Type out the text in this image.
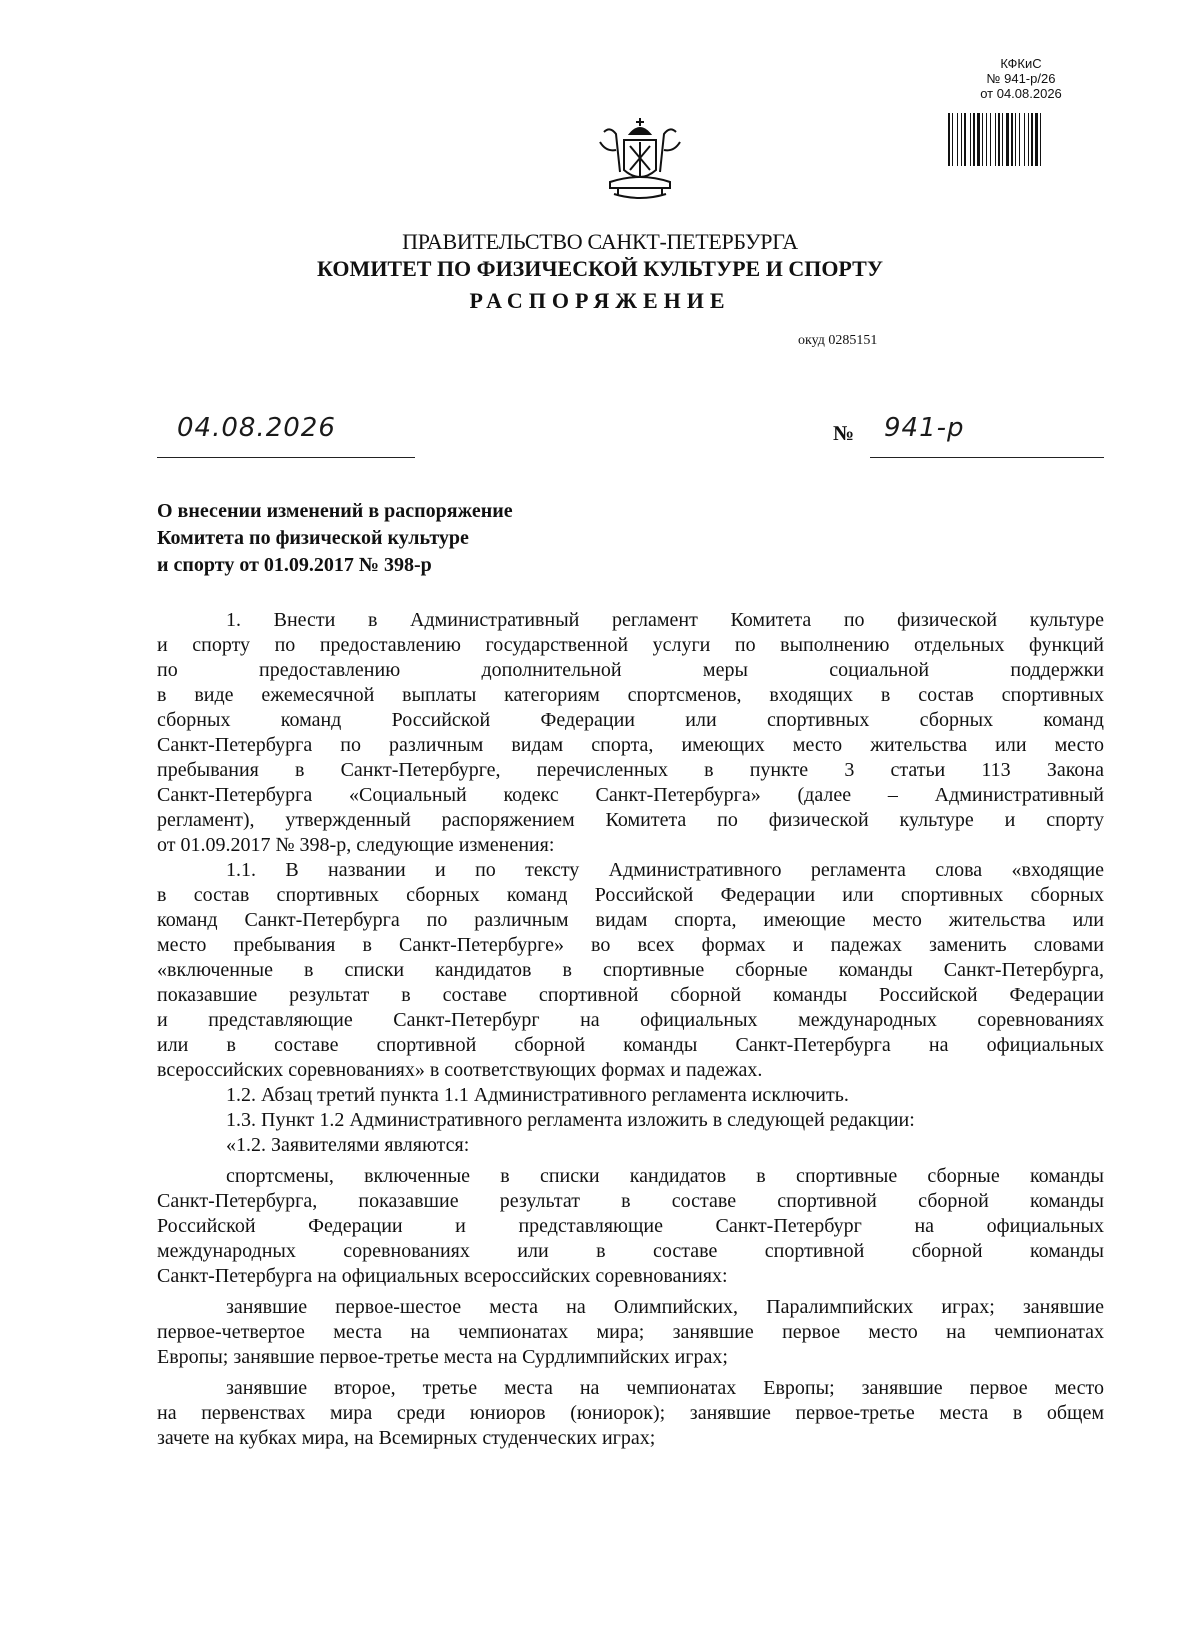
КФКиС
№ 941-р/26
от 04.08.2026
ПРАВИТЕЛЬСТВО САНКТ-ПЕТЕРБУРГА
КОМИТЕТ ПО ФИЗИЧЕСКОЙ КУЛЬТУРЕ И СПОРТУ
РАСПОРЯЖЕНИЕ
окуд 0285151
04.08.2026	№ 941-р
О внесении изменений в распоряжение
Комитета по физической культуре
и спорту от 01.09.2017 № 398-р
1. Внести в Административный регламент Комитета по физической культуре
и спорту по предоставлению государственной услуги по выполнению отдельных функций
по предоставлению дополнительной меры социальной поддержки
в виде ежемесячной выплаты категориям спортсменов, входящих в состав спортивных
сборных команд Российской Федерации или спортивных сборных команд
Санкт-Петербурга по различным видам спорта, имеющих место жительства или место
пребывания в Санкт-Петербурге, перечисленных в пункте 3 статьи 113 Закона
Санкт-Петербурга «Социальный кодекс Санкт-Петербурга» (далее – Административный
регламент), утвержденный распоряжением Комитета по физической культуре и спорту
от 01.09.2017 № 398-р, следующие изменения:
1.1. В названии и по тексту Административного регламента слова «входящие
в состав спортивных сборных команд Российской Федерации или спортивных сборных
команд Санкт-Петербурга по различным видам спорта, имеющие место жительства или
место пребывания в Санкт-Петербурге» во всех формах и падежах заменить словами
«включенные в списки кандидатов в спортивные сборные команды Санкт-Петербурга,
показавшие результат в составе спортивной сборной команды Российской Федерации
и представляющие Санкт-Петербург на официальных международных соревнованиях
или в составе спортивной сборной команды Санкт-Петербурга на официальных
всероссийских соревнованиях» в соответствующих формах и падежах.
1.2. Абзац третий пункта 1.1 Административного регламента исключить.
1.3. Пункт 1.2 Административного регламента изложить в следующей редакции:
«1.2. Заявителями являются:
спортсмены, включенные в списки кандидатов в спортивные сборные команды
Санкт-Петербурга, показавшие результат в составе спортивной сборной команды
Российской Федерации и представляющие Санкт-Петербург на официальных
международных соревнованиях или в составе спортивной сборной команды
Санкт-Петербурга на официальных всероссийских соревнованиях:
занявшие первое-шестое места на Олимпийских, Паралимпийских играх; занявшие
первое-четвертое места на чемпионатах мира; занявшие первое место на чемпионатах
Европы; занявшие первое-третье места на Сурдлимпийских играх;
занявшие второе, третье места на чемпионатах Европы; занявшие первое место
на первенствах мира среди юниоров (юниорок); занявшие первое-третье места в общем
зачете на кубках мира, на Всемирных студенческих играх;
